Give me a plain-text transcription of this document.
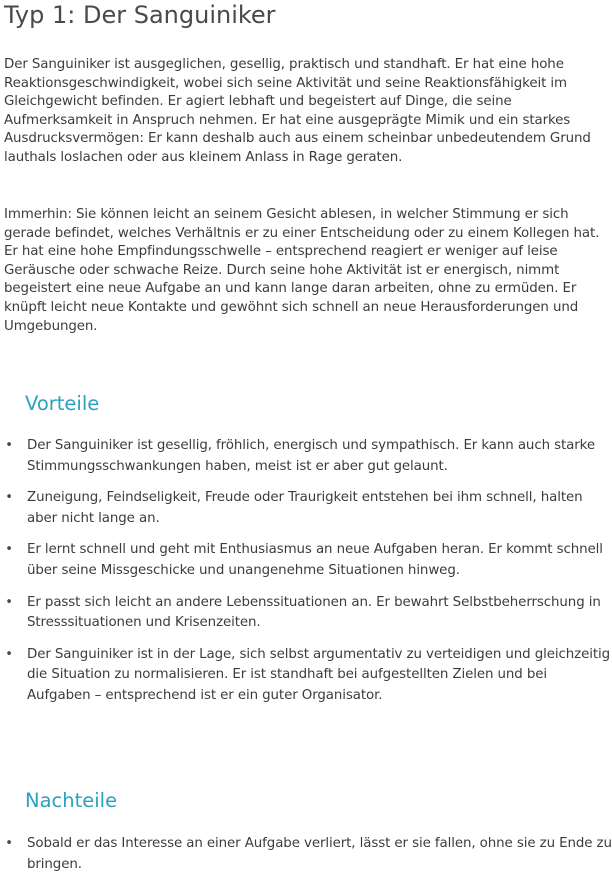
Typ 1: Der Sanguiniker

Der Sanguiniker ist ausgeglichen, gesellig, praktisch und standhaft. Er hat eine hohe Reaktionsgeschwindigkeit, wobei sich seine Aktivität und seine Reaktionsfähigkeit im Gleichgewicht befinden. Er agiert lebhaft und begeistert auf Dinge, die seine Aufmerksamkeit in Anspruch nehmen. Er hat eine ausgeprägte Mimik und ein starkes Ausdrucksvermögen: Er kann deshalb auch aus einem scheinbar unbedeutendem Grund lauthals loslachen oder aus kleinem Anlass in Rage geraten.

Immerhin: Sie können leicht an seinem Gesicht ablesen, in welcher Stimmung er sich gerade befindet, welches Verhältnis er zu einer Entscheidung oder zu einem Kollegen hat. Er hat eine hohe Empfindungsschwelle – entsprechend reagiert er weniger auf leise Geräusche oder schwache Reize. Durch seine hohe Aktivität ist er energisch, nimmt begeistert eine neue Aufgabe an und kann lange daran arbeiten, ohne zu ermüden. Er knüpft leicht neue Kontakte und gewöhnt sich schnell an neue Herausforderungen und Umgebungen.

Vorteile
• Der Sanguiniker ist gesellig, fröhlich, energisch und sympathisch. Er kann auch starke Stimmungsschwankungen haben, meist ist er aber gut gelaunt.
• Zuneigung, Feindseligkeit, Freude oder Traurigkeit entstehen bei ihm schnell, halten aber nicht lange an.
• Er lernt schnell und geht mit Enthusiasmus an neue Aufgaben heran. Er kommt schnell über seine Missgeschicke und unangenehme Situationen hinweg.
• Er passt sich leicht an andere Lebenssituationen an. Er bewahrt Selbstbeherrschung in Stresssituationen und Krisenzeiten.
• Der Sanguiniker ist in der Lage, sich selbst argumentativ zu verteidigen und gleichzeitig die Situation zu normalisieren. Er ist standhaft bei aufgestellten Zielen und bei Aufgaben – entsprechend ist er ein guter Organisator.
Nachteile
• Sobald er das Interesse an einer Aufgabe verliert, lässt er sie fallen, ohne sie zu Ende zu bringen.
